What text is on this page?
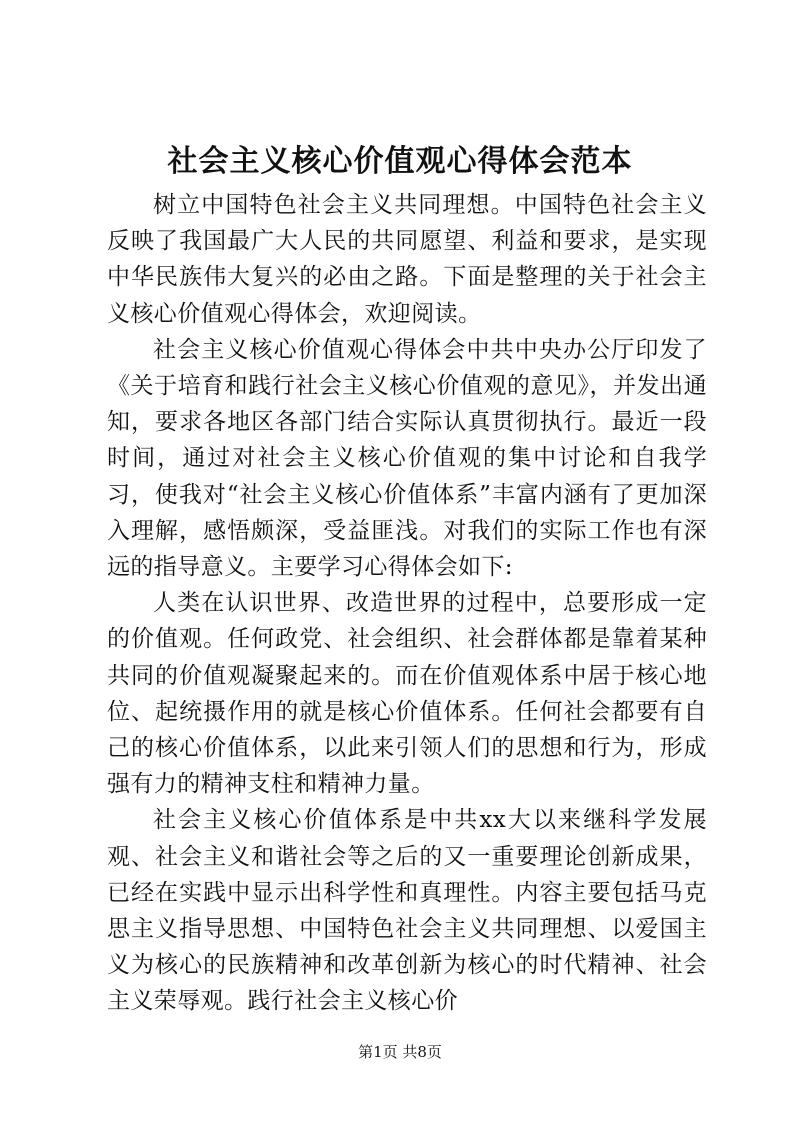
社会主义核心价值观心得体会范本

树立中国特色社会主义共同理想。中国特色社会主义反映了我国最广大人民的共同愿望、利益和要求，是实现中华民族伟大复兴的必由之路。下面是整理的关于社会主义核心价值观心得体会，欢迎阅读。

社会主义核心价值观心得体会中共中央办公厅印发了《关于培育和践行社会主义核心价值观的意见》，并发出通知，要求各地区各部门结合实际认真贯彻执行。最近一段时间，通过对社会主义核心价值观的集中讨论和自我学习，使我对“社会主义核心价值体系”丰富内涵有了更加深入理解，感悟颇深，受益匪浅。对我们的实际工作也有深远的指导意义。主要学习心得体会如下:

人类在认识世界、改造世界的过程中，总要形成一定的价值观。任何政党、社会组织、社会群体都是靠着某种共同的价值观凝聚起来的。而在价值观体系中居于核心地位、起统摄作用的就是核心价值体系。任何社会都要有自己的核心价值体系，以此来引领人们的思想和行为，形成强有力的精神支柱和精神力量。

社会主义核心价值体系是中共xx大以来继科学发展观、社会主义和谐社会等之后的又一重要理论创新成果，已经在实践中显示出科学性和真理性。内容主要包括马克思主义指导思想、中国特色社会主义共同理想、以爱国主义为核心的民族精神和改革创新为核心的时代精神、社会主义荣辱观。践行社会主义核心价

第1页 共8页
